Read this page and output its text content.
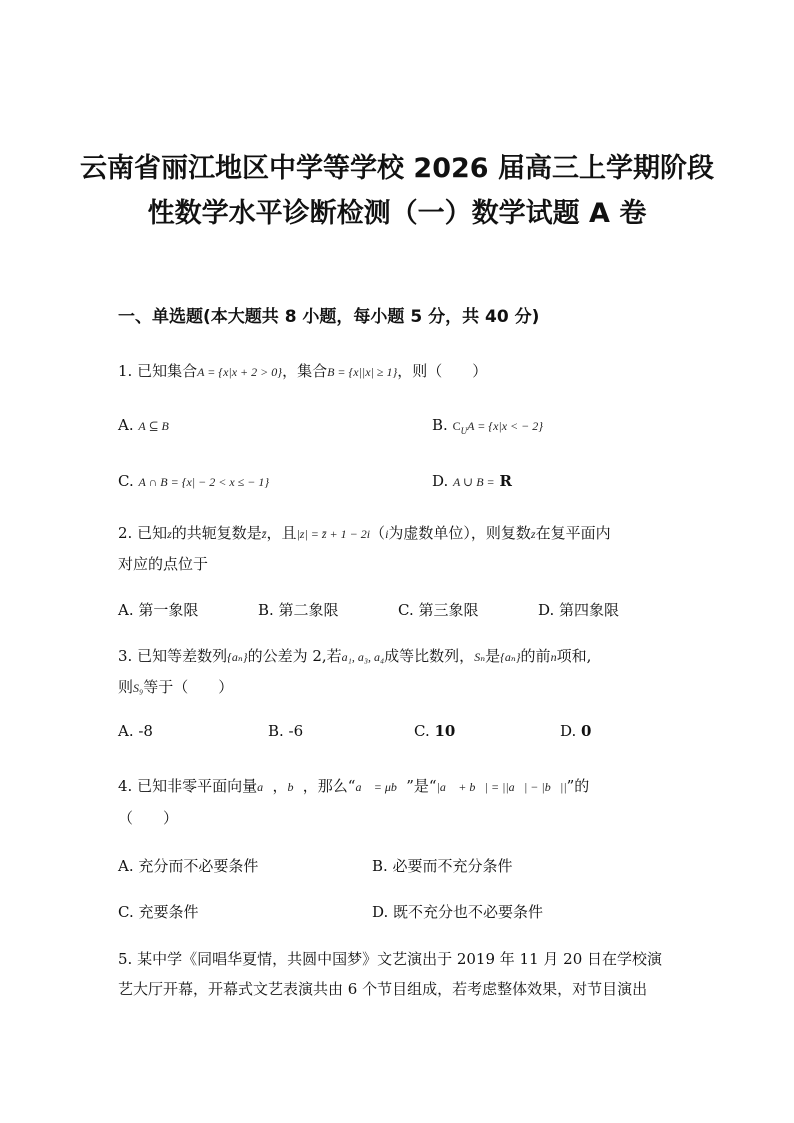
云南省丽江地区中学等学校 2026 届高三上学期阶段
性数学水平诊断检测（一）数学试题 A 卷
一、单选题(本大题共 8 小题，每小题 5 分，共 40 分)
1. 已知集合A = {x|x + 2 > 0}，集合B = {x||x| ≥ 1}，则（　　）
A. A ⊆ B	B. $C_UA = \{x|x$ < − 2}
C. A ∩ B = {x| − 2 < x ≤ − 1}	D. A ∪ B = R
2. 已知z的共轭复数是z̄，且|z| = z̄ + 1 − 2i（i为虚数单位），则复数z在复平面内
对应的点位于
A. 第一象限	B. 第二象限	C. 第三象限	D. 第四象限
3. 已知等差数列{aₙ}的公差为 2,若a₁, a₃, a₄成等比数列，Sₙ是{aₙ}的前n项和,
则S₉等于（　　）
A. -8	B. -6	C. 10	D. 0
4. 已知非零平面向量a⃗，b⃗，那么“a⃗ = μb⃗”是“|a⃗ + b⃗| = ||a⃗| − |b⃗||”的
（　　）
A. 充分而不必要条件	B. 必要而不充分条件
C. 充要条件	D. 既不充分也不必要条件
5. 某中学《同唱华夏情，共圆中国梦》文艺演出于 2019 年 11 月 20 日在学校演
艺大厅开幕，开幕式文艺表演共由 6 个节目组成，若考虑整体效果，对节目演出
